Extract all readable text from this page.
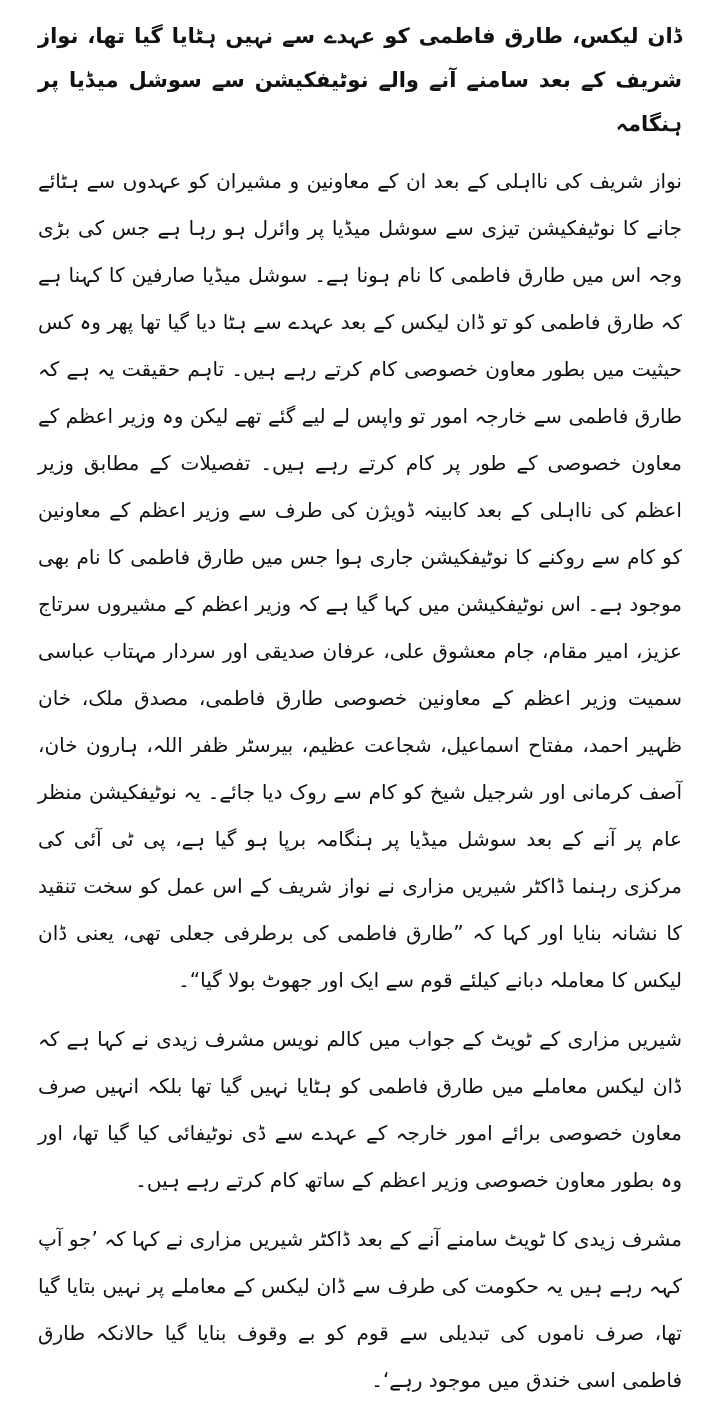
ڈان لیکس، طارق فاطمی کو عہدے سے نہیں ہٹایا گیا تھا، نواز شریف کے بعد سامنے آنے والے نوٹیفکیشن سے سوشل میڈیا پر ہنگامہ
نواز شریف کی نااہلی کے بعد ان کے معاونین و مشیران کو عہدوں سے ہٹائے جانے کا نوٹیفکیشن تیزی سے سوشل میڈیا پر وائرل ہو رہا ہے جس کی بڑی وجہ اس میں طارق فاطمی کا نام ہونا ہے۔ سوشل میڈیا صارفین کا کہنا ہے کہ طارق فاطمی کو تو ڈان لیکس کے بعد عہدے سے ہٹا دیا گیا تھا پھر وہ کس حیثیت میں بطور معاون خصوصی کام کرتے رہے ہیں۔ تاہم حقیقت یہ ہے کہ طارق فاطمی سے خارجہ امور تو واپس لے لیے گئے تھے لیکن وہ وزیر اعظم کے معاون خصوصی کے طور پر کام کرتے رہے ہیں۔ تفصیلات کے مطابق وزیر اعظم کی نااہلی کے بعد کابینہ ڈویژن کی طرف سے وزیر اعظم کے معاونین کو کام سے روکنے کا نوٹیفکیشن جاری ہوا جس میں طارق فاطمی کا نام بھی موجود ہے۔ اس نوٹیفکیشن میں کہا گیا ہے کہ وزیر اعظم کے مشیروں سرتاج عزیز، امیر مقام، جام معشوق علی، عرفان صدیقی اور سردار مہتاب عباسی سمیت وزیر اعظم کے معاونین خصوصی طارق فاطمی، مصدق ملک، خان ظہیر احمد، مفتاح اسماعیل، شجاعت عظیم، بیرسٹر ظفر اللہ، ہارون خان، آصف کرمانی اور شرجیل شیخ کو کام سے روک دیا جائے۔ یہ نوٹیفکیشن منظر عام پر آنے کے بعد سوشل میڈیا پر ہنگامہ برپا ہو گیا ہے، پی ٹی آئی کی مرکزی رہنما ڈاکٹر شیریں مزاری نے نواز شریف کے اس عمل کو سخت تنقید کا نشانہ بنایا اور کہا کہ ”طارق فاطمی کی برطرفی جعلی تھی، یعنی ڈان لیکس کا معاملہ دبانے کیلئے قوم سے ایک اور جھوٹ بولا گیا“۔
شیریں مزاری کے ٹویٹ کے جواب میں کالم نویس مشرف زیدی نے کہا ہے کہ ڈان لیکس معاملے میں طارق فاطمی کو ہٹایا نہیں گیا تھا بلکہ انہیں صرف معاون خصوصی برائے امور خارجہ کے عہدے سے ڈی نوٹیفائی کیا گیا تھا، اور وہ بطور معاون خصوصی وزیر اعظم کے ساتھ کام کرتے رہے ہیں۔
مشرف زیدی کا ٹویٹ سامنے آنے کے بعد ڈاکٹر شیریں مزاری نے کہا کہ ’جو آپ کہہ رہے ہیں یہ حکومت کی طرف سے ڈان لیکس کے معاملے پر نہیں بتایا گیا تھا، صرف ناموں کی تبدیلی سے قوم کو بے وقوف بنایا گیا حالانکہ طارق فاطمی اسی خندق میں موجود رہے‘۔
